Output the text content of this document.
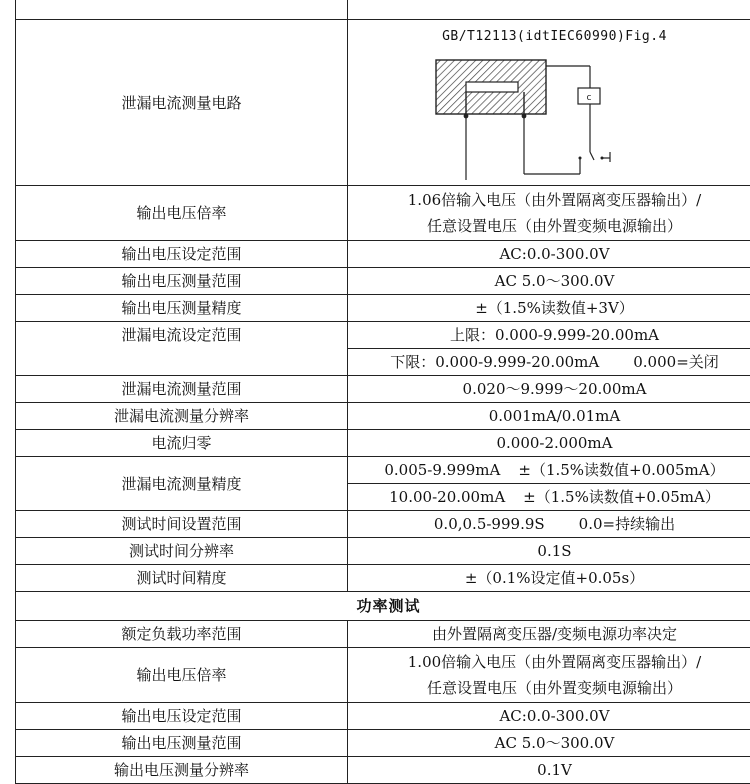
泄漏电流测量电路	GB/T12113(idtIEC60990)Fig.4
c

输出电压倍率	1.06倍输入电压（由外置隔离变压器输出）/
任意设置电压（由外置变频电源输出）

输出电压设定范围	AC:0.0-300.0V
输出电压测量范围	AC 5.0～300.0V
输出电压测量精度	±（1.5%读数值+3V）
泄漏电流设定范围	上限：0.000-9.999-20.00mA
	下限：0.000-9.999-20.00mA 0.000=关闭
泄漏电流测量范围	0.020～9.999～20.00mA
泄漏电流测量分辨率	0.001mA/0.01mA
电流归零	0.000-2.000mA
泄漏电流测量精度	0.005-9.999mA ±（1.5%读数值+0.005mA）
	10.00-20.00mA ±（1.5%读数值+0.05mA）
测试时间设置范围	0.0,0.5-999.9S 0.0=持续输出
测试时间分辨率	0.1S
测试时间精度	±（0.1%设定值+0.05s）
功率测试	
额定负载功率范围	由外置隔离变压器/变频电源功率决定
输出电压倍率	1.00倍输入电压（由外置隔离变压器输出）/
任意设置电压（由外置变频电源输出）

输出电压设定范围	AC:0.0-300.0V
输出电压测量范围	AC 5.0～300.0V
输出电压测量分辨率	0.1V
